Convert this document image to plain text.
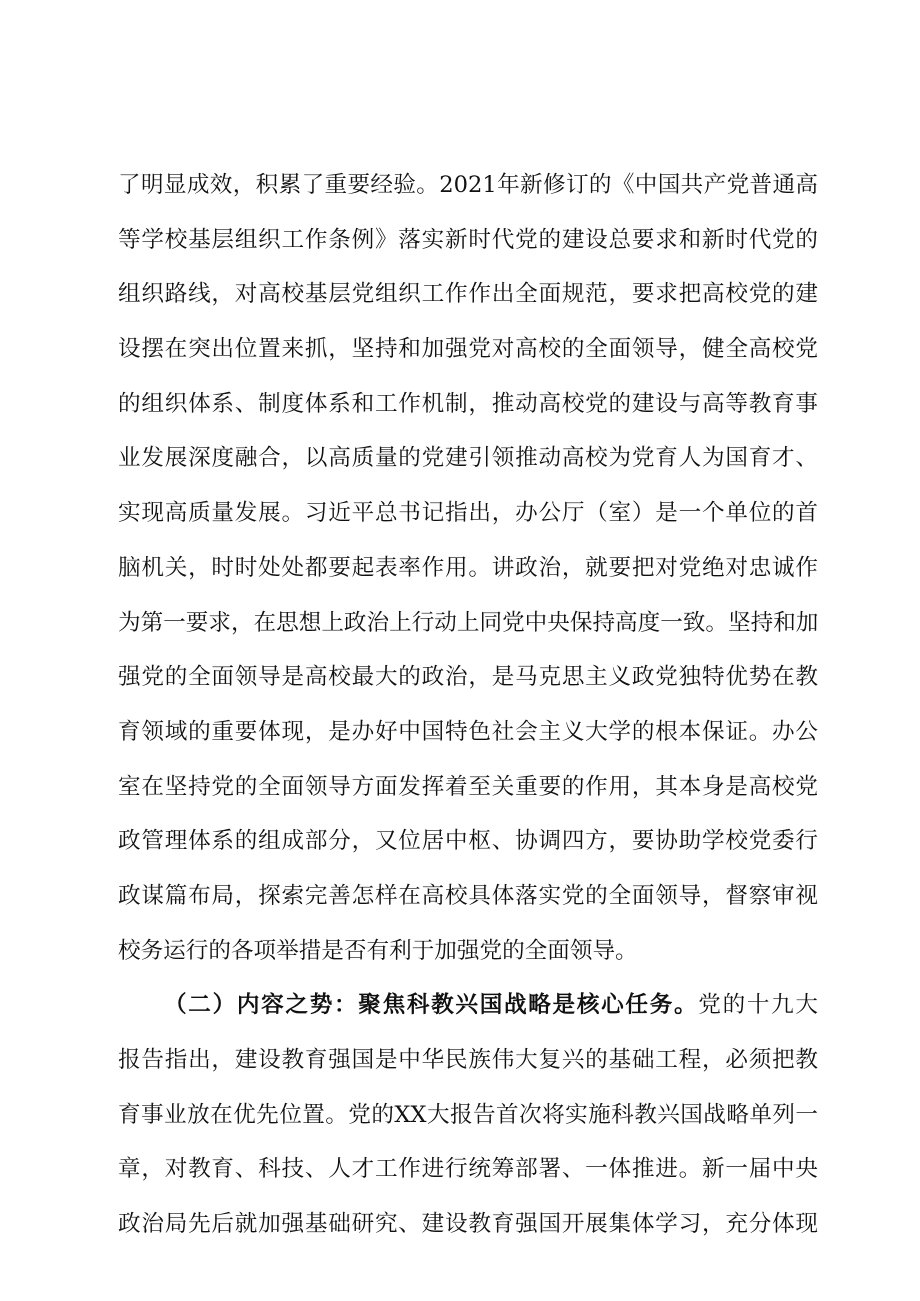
了明显成效，积累了重要经验。2021年新修订的《中国共产党普通高
等学校基层组织工作条例》落实新时代党的建设总要求和新时代党的
组织路线，对高校基层党组织工作作出全面规范，要求把高校党的建
设摆在突出位置来抓，坚持和加强党对高校的全面领导，健全高校党
的组织体系、制度体系和工作机制，推动高校党的建设与高等教育事
业发展深度融合，以高质量的党建引领推动高校为党育人为国育才、
实现高质量发展。习近平总书记指出，办公厅（室）是一个单位的首
脑机关，时时处处都要起表率作用。讲政治，就要把对党绝对忠诚作
为第一要求，在思想上政治上行动上同党中央保持高度一致。坚持和加
强党的全面领导是高校最大的政治，是马克思主义政党独特优势在教
育领域的重要体现，是办好中国特色社会主义大学的根本保证。办公
室在坚持党的全面领导方面发挥着至关重要的作用，其本身是高校党
政管理体系的组成部分，又位居中枢、协调四方，要协助学校党委行
政谋篇布局，探索完善怎样在高校具体落实党的全面领导，督察审视
校务运行的各项举措是否有利于加强党的全面领导。
（二）内容之势：聚焦科教兴国战略是核心任务。党的十九大
报告指出，建设教育强国是中华民族伟大复兴的基础工程，必须把教
育事业放在优先位置。党的XX大报告首次将实施科教兴国战略单列一
章，对教育、科技、人才工作进行统筹部署、一体推进。新一届中央
政治局先后就加强基础研究、建设教育强国开展集体学习，充分体现
